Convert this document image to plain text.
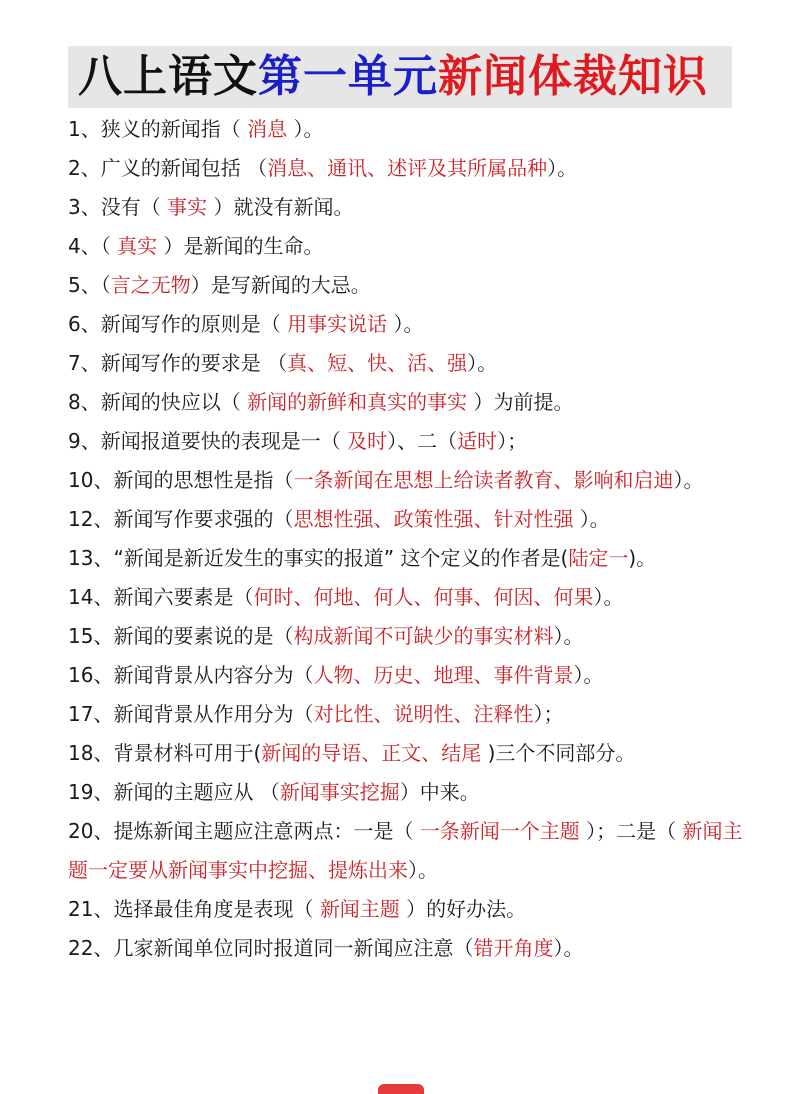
八上语文第一单元新闻体裁知识
1、狭义的新闻指（ 消息 ）。
2、广义的新闻包括 （消息、通讯、述评及其所属品种）。
3、没有（ 事实 ）就没有新闻。
4、（ 真实 ）是新闻的生命。
5、（言之无物）是写新闻的大忌。
6、新闻写作的原则是（ 用事实说话 ）。
7、新闻写作的要求是 （真、短、快、活、强）。
8、新闻的快应以（ 新闻的新鲜和真实的事实 ）为前提。
9、新闻报道要快的表现是一（ 及时）、二（适时）；
10、新闻的思想性是指（一条新闻在思想上给读者教育、影响和启迪）。
12、新闻写作要求强的（思想性强、政策性强、针对性强 ）。
13、“新闻是新近发生的事实的报道” 这个定义的作者是(陆定一)。
14、新闻六要素是（何时、何地、何人、何事、何因、何果）。
15、新闻的要素说的是（构成新闻不可缺少的事实材料）。
16、新闻背景从内容分为（人物、历史、地理、事件背景）。
17、新闻背景从作用分为（对比性、说明性、注释性）；
18、背景材料可用于(新闻的导语、正文、结尾 )三个不同部分。
19、新闻的主题应从 （新闻事实挖掘）中来。
20、提炼新闻主题应注意两点：一是（ 一条新闻一个主题 ）；二是（ 新闻主题一定要从新闻事实中挖掘、提炼出来）。
21、选择最佳角度是表现（ 新闻主题 ）的好办法。
22、几家新闻单位同时报道同一新闻应注意（错开角度）。
